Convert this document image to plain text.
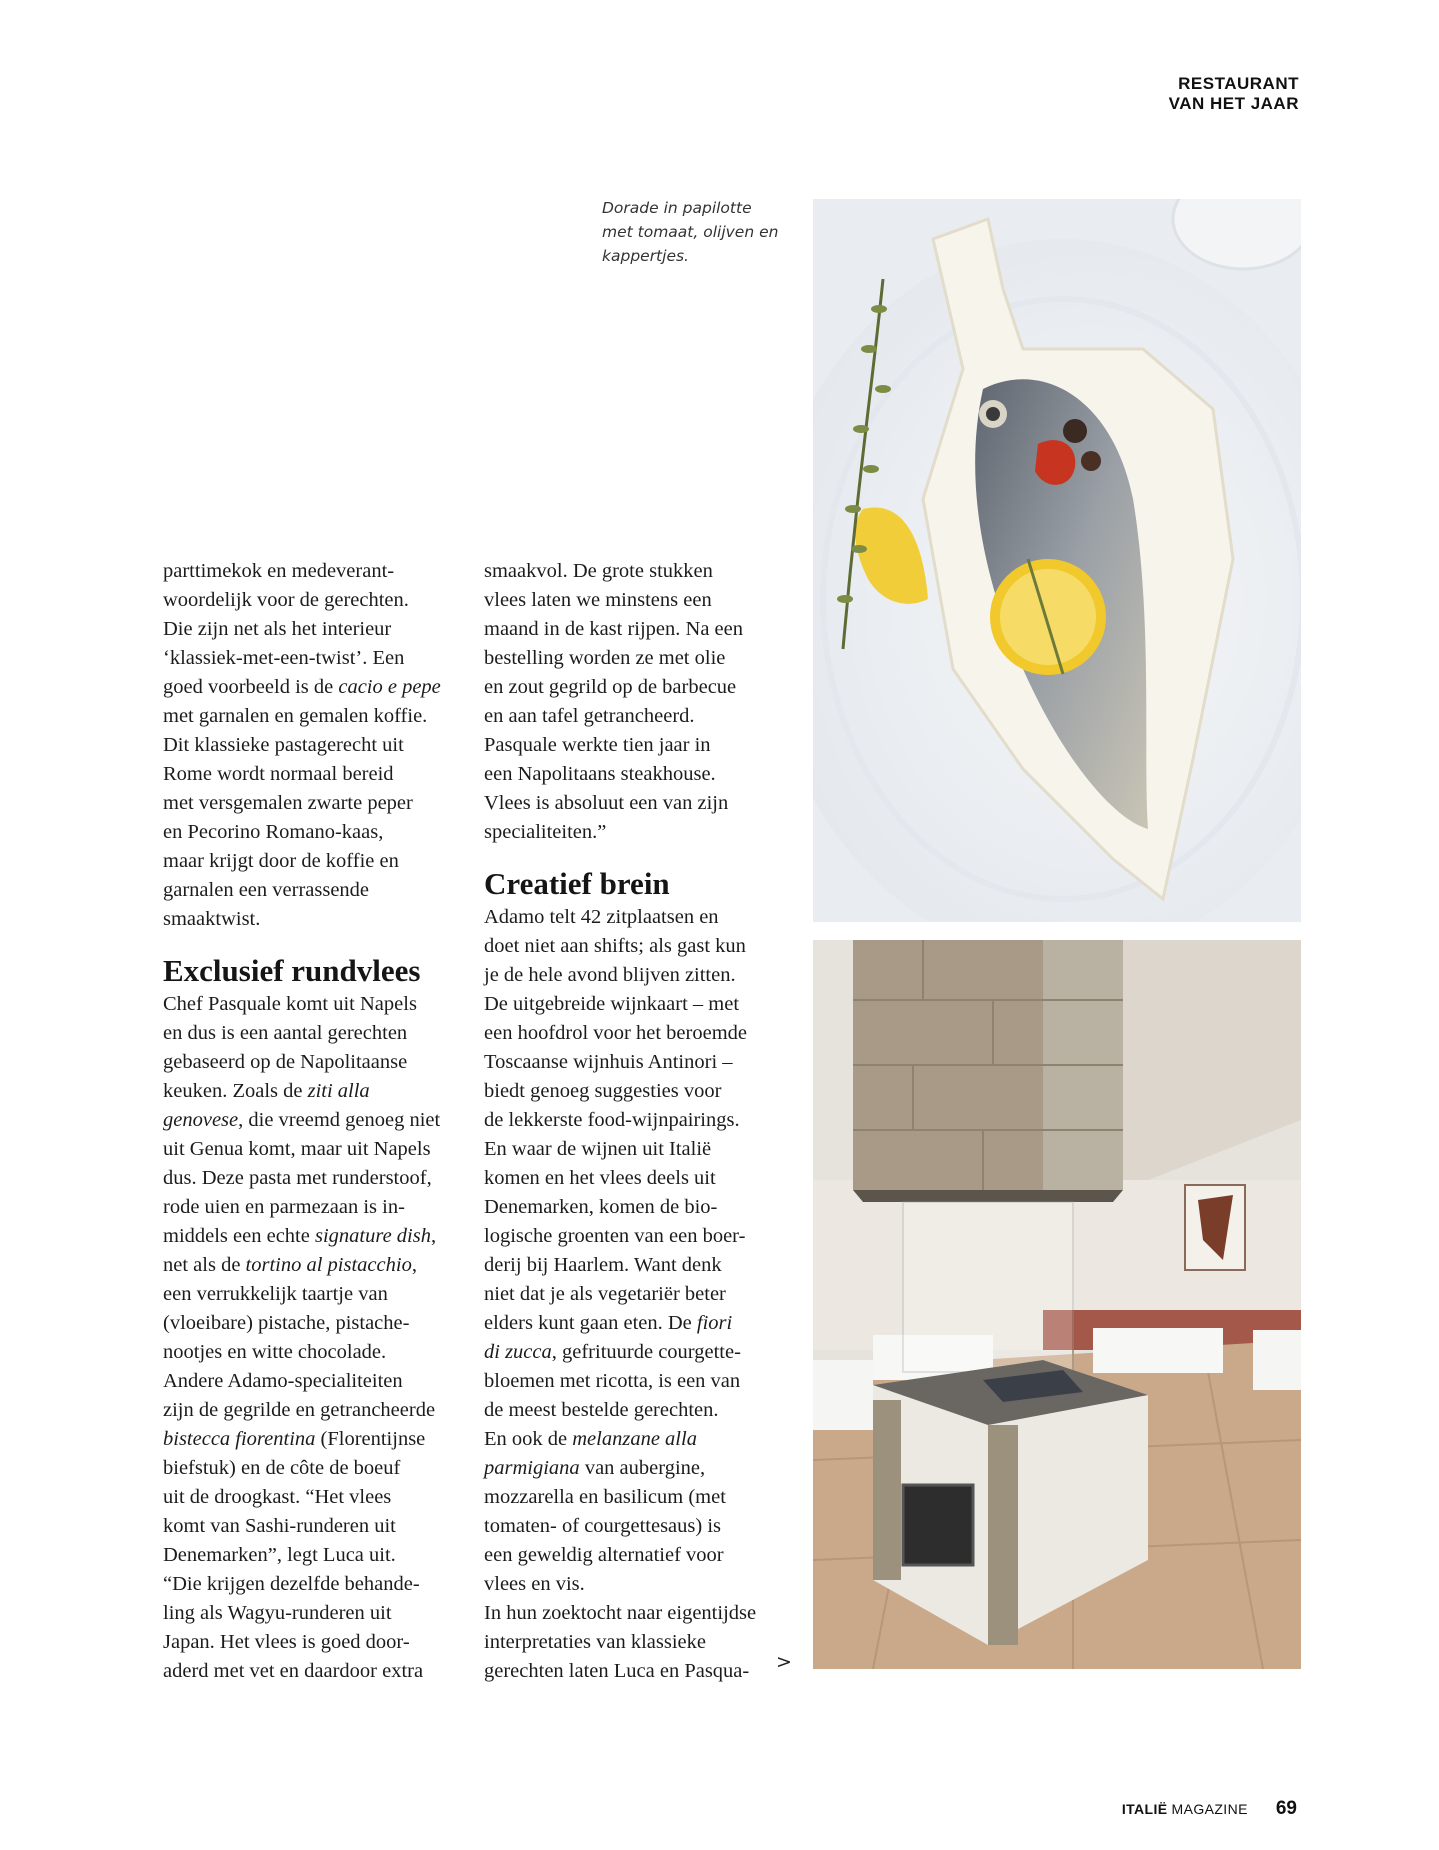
RESTAURANT
VAN HET JAAR
Dorade in papilotte
met tomaat, olijven en
kappertjes.

parttimekok en medeverant-
woordelijk voor de gerechten.
Die zijn net als het interieur
‘klassiek-met-een-twist’. Een
goed voorbeeld is de cacio e pepe
met garnalen en gemalen koffie.
Dit klassieke pastagerecht uit
Rome wordt normaal bereid
met versgemalen zwarte peper
en Pecorino Romano-kaas,
maar krijgt door de koffie en
garnalen een verrassende
smaaktwist.

Exclusief rundvlees

Chef Pasquale komt uit Napels
en dus is een aantal gerechten
gebaseerd op de Napolitaanse
keuken. Zoals de ziti alla
genovese, die vreemd genoeg niet
uit Genua komt, maar uit Napels
dus. Deze pasta met runderstoof,
rode uien en parmezaan is in-
middels een echte signature dish,
net als de tortino al pistacchio,
een verrukkelijk taartje van
(vloeibare) pistache, pistache-
nootjes en witte chocolade.
Andere Adamo-specialiteiten
zijn de gegrilde en getrancheerde
bistecca fiorentina (Florentijnse
biefstuk) en de côte de boeuf
uit de droogkast. “Het vlees
komt van Sashi-runderen uit
Denemarken”, legt Luca uit.
“Die krijgen dezelfde behande-
ling als Wagyu-runderen uit
Japan. Het vlees is goed door-
aderd met vet en daardoor extra

smaakvol. De grote stukken
vlees laten we minstens een
maand in de kast rijpen. Na een
bestelling worden ze met olie
en zout gegrild op de barbecue
en aan tafel getrancheerd.
Pasquale werkte tien jaar in
een Napolitaans steakhouse.
Vlees is absoluut een van zijn
specialiteiten.”

Creatief brein

Adamo telt 42 zitplaatsen en
doet niet aan shifts; als gast kun
je de hele avond blijven zitten.
De uitgebreide wijnkaart – met
een hoofdrol voor het beroemde
Toscaanse wijnhuis Antinori –
biedt genoeg suggesties voor
de lekkerste food-wijnpairings.
En waar de wijnen uit Italië
komen en het vlees deels uit
Denemarken, komen de bio-
logische groenten van een boer-
derij bij Haarlem. Want denk
niet dat je als vegetariër beter
elders kunt gaan eten. De fiori
di zucca, gefrituurde courgette-
bloemen met ricotta, is een van
de meest bestelde gerechten.
En ook de melanzane alla
parmigiana van aubergine,
mozzarella en basilicum (met
tomaten- of courgettesaus) is
een geweldig alternatief voor
vlees en vis.
In hun zoektocht naar eigentijdse
interpretaties van klassieke
gerechten laten Luca en Pasqua-	>
ITALIË MAGAZINE 69
